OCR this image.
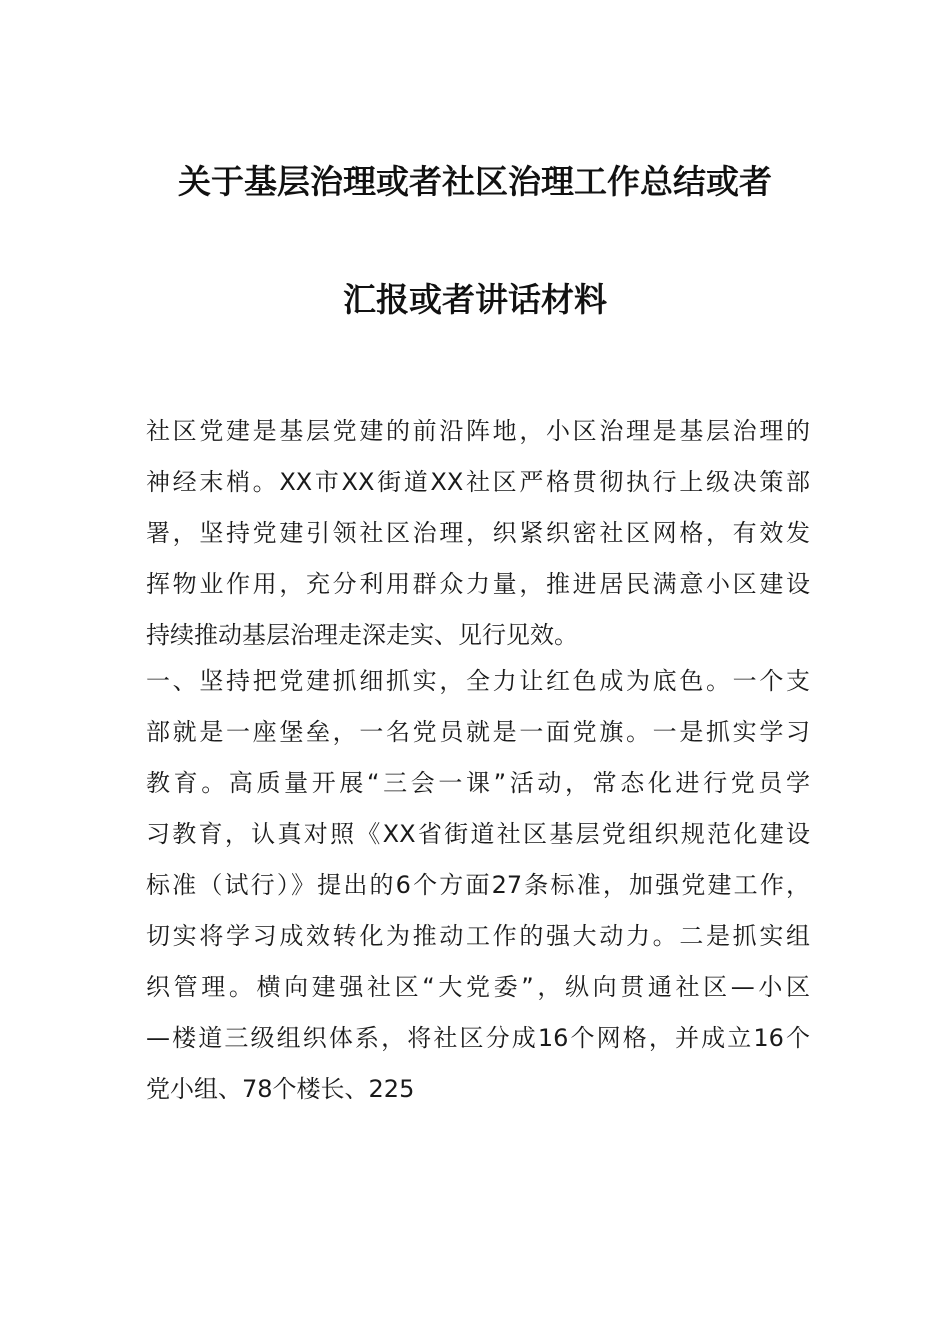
关于基层治理或者社区治理工作总结或者
汇报或者讲话材料
社区党建是基层党建的前沿阵地，小区治理是基层治理的
神经末梢。XX市XX街道XX社区严格贯彻执行上级决策部
署，坚持党建引领社区治理，织紧织密社区网格，有效发
挥物业作用，充分利用群众力量，推进居民满意小区建设
持续推动基层治理走深走实、见行见效。
一、坚持把党建抓细抓实，全力让红色成为底色。一个支
部就是一座堡垒，一名党员就是一面党旗。一是抓实学习
教育。高质量开展“三会一课”活动，常态化进行党员学
习教育，认真对照《XX省街道社区基层党组织规范化建设
标准（试行）》提出的6个方面27条标准，加强党建工作，
切实将学习成效转化为推动工作的强大动力。二是抓实组
织管理。横向建强社区“大党委”，纵向贯通社区—小区
—楼道三级组织体系，将社区分成16个网格，并成立16个
党小组、78个楼长、225
